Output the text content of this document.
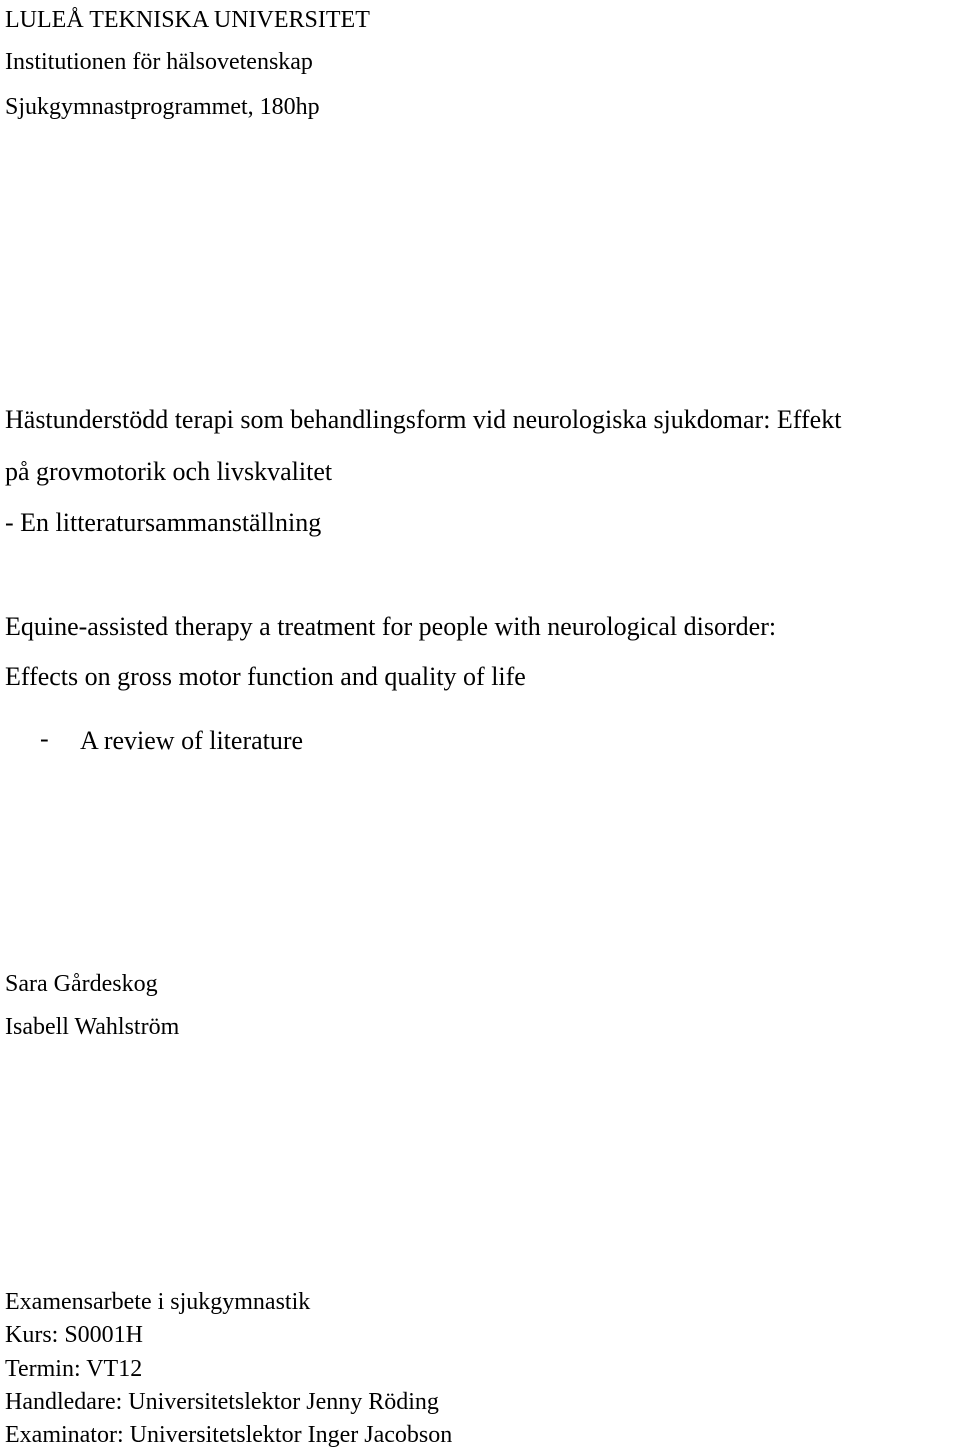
LULEÅ TEKNISKA UNIVERSITET
Institutionen för hälsovetenskap
Sjukgymnastprogrammet, 180hp
Hästunderstödd terapi som behandlingsform vid neurologiska sjukdomar: Effekt
på grovmotorik och livskvalitet
- En litteratursammanställning
Equine-assisted therapy a treatment for people with neurological disorder:
Effects on gross motor function and quality of life
- A review of literature
Sara Gårdeskog
Isabell Wahlström
Examensarbete i sjukgymnastik
Kurs: S0001H
Termin: VT12
Handledare: Universitetslektor Jenny Röding
Examinator: Universitetslektor Inger Jacobson
